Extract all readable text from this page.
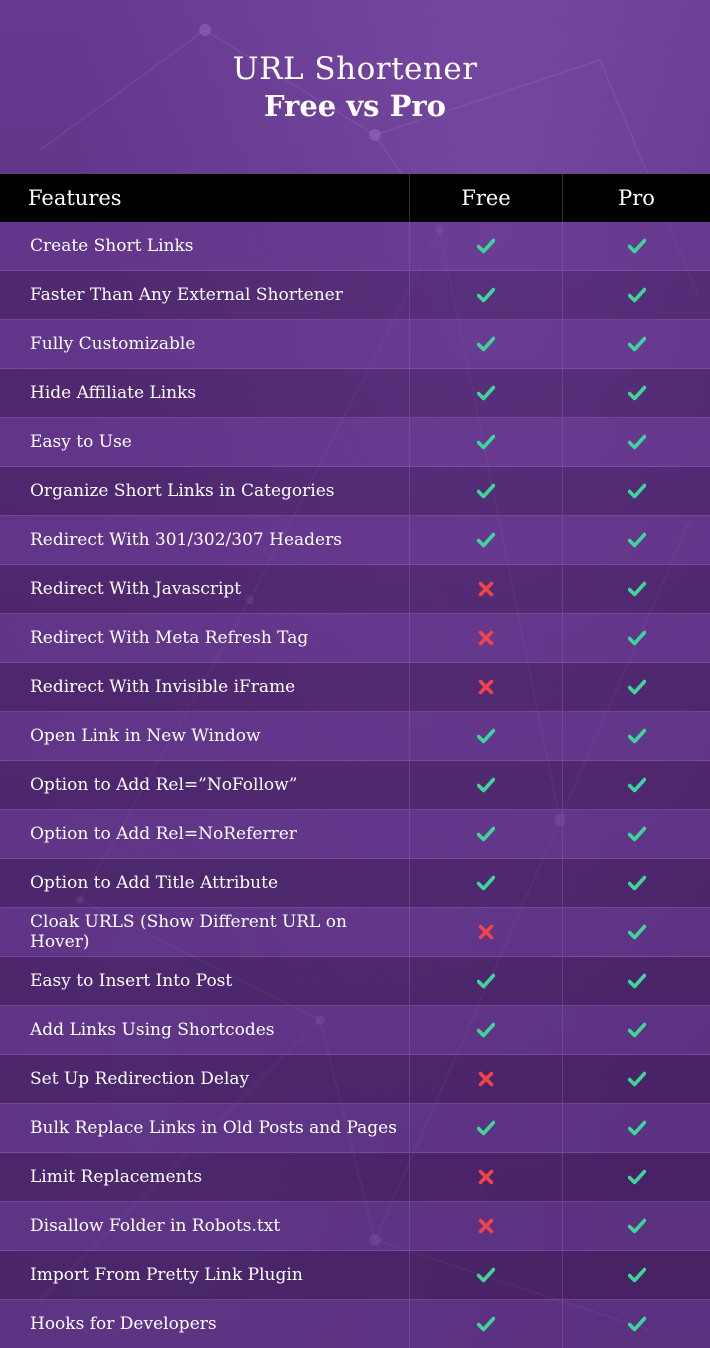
URL Shortener
Free vs Pro
Features	Free	Pro
Create Short Links
Faster Than Any External Shortener
Fully Customizable
Hide Affiliate Links
Easy to Use
Organize Short Links in Categories
Redirect With 301/302/307 Headers
Redirect With Javascript
Redirect With Meta Refresh Tag
Redirect With Invisible iFrame
Open Link in New Window
Option to Add Rel=”NoFollow”
Option to Add Rel=NoReferrer
Option to Add Title Attribute
Cloak URLS (Show Different URL on Hover)
Easy to Insert Into Post
Add Links Using Shortcodes
Set Up Redirection Delay
Bulk Replace Links in Old Posts and Pages
Limit Replacements
Disallow Folder in Robots.txt
Import From Pretty Link Plugin
Hooks for Developers
